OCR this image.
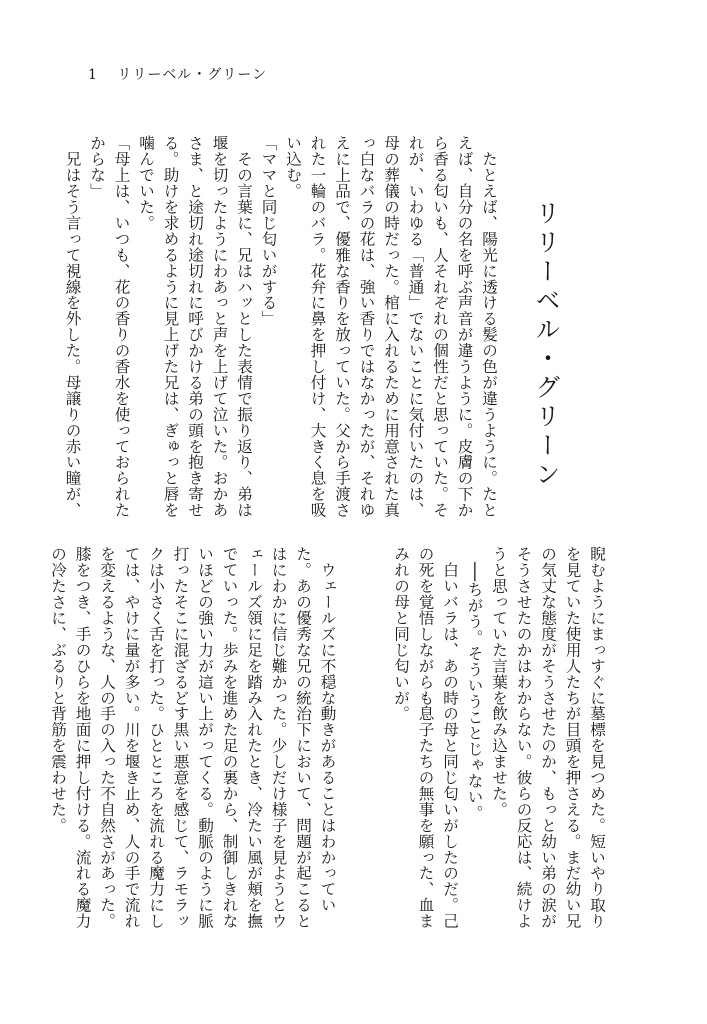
1 リリーベル・グリーン
リリーベル・グリーン
　たとえば、陽光に透ける髪の色が違うように。たと
えば、自分の名を呼ぶ声音が違うように。皮膚の下か
ら香る匂いも、人それぞれの個性だと思っていた。そ
れが、いわゆる「普通」でないことに気付いたのは、
母の葬儀の時だった。棺に入れるために用意された真
っ白なバラの花は、強い香りではなかったが、それゆ
えに上品で、優雅な香りを放っていた。父から手渡さ
れた一輪のバラ。花弁に鼻を押し付け、大きく息を吸
い込む。
「ママと同じ匂いがする」
　その言葉に、兄はハッとした表情で振り返り、弟は
堰を切ったようにわあっと声を上げて泣いた。おかあ
さま、と途切れ途切れに呼びかける弟の頭を抱き寄せ
る。助けを求めるように見上げた兄は、ぎゅっと唇を
噛んでいた。
「母上は、いつも、花の香りの香水を使っておられた
からな」
　兄はそう言って視線を外した。母譲りの赤い瞳が、
睨むようにまっすぐに墓標を見つめた。短いやり取り
を見ていた使用人たちが目頭を押さえる。まだ幼い兄
の気丈な態度がそうさせたのか、もっと幼い弟の涙が
そうさせたのかはわからない。彼らの反応は、続けよ
うと思っていた言葉を飲み込ませた。
　──ちがう。そういうことじゃない。
　白いバラは、あの時の母と同じ匂いがしたのだ。己
の死を覚悟しながらも息子たちの無事を願った、血ま
みれの母と同じ匂いが。

　ウェールズに不穏な動きがあることはわかってい
た。あの優秀な兄の統治下において、問題が起こると
はにわかに信じ難かった。少しだけ様子を見ようとウ
ェールズ領に足を踏み入れたとき、冷たい風が頬を撫
でていった。歩みを進めた足の裏から、制御しきれな
いほどの強い力が這い上がってくる。動脈のように脈
打ったそこに混ざるどす黒い悪意を感じて、ラモラッ
クは小さく舌を打った。ひとところを流れる魔力にし
ては、やけに量が多い。川を堰き止め、人の手で流れ
を変えるような、人の手の入った不自然さがあった。
膝をつき、手のひらを地面に押し付ける。流れる魔力
の冷たさに、ぶるりと背筋を震わせた。
